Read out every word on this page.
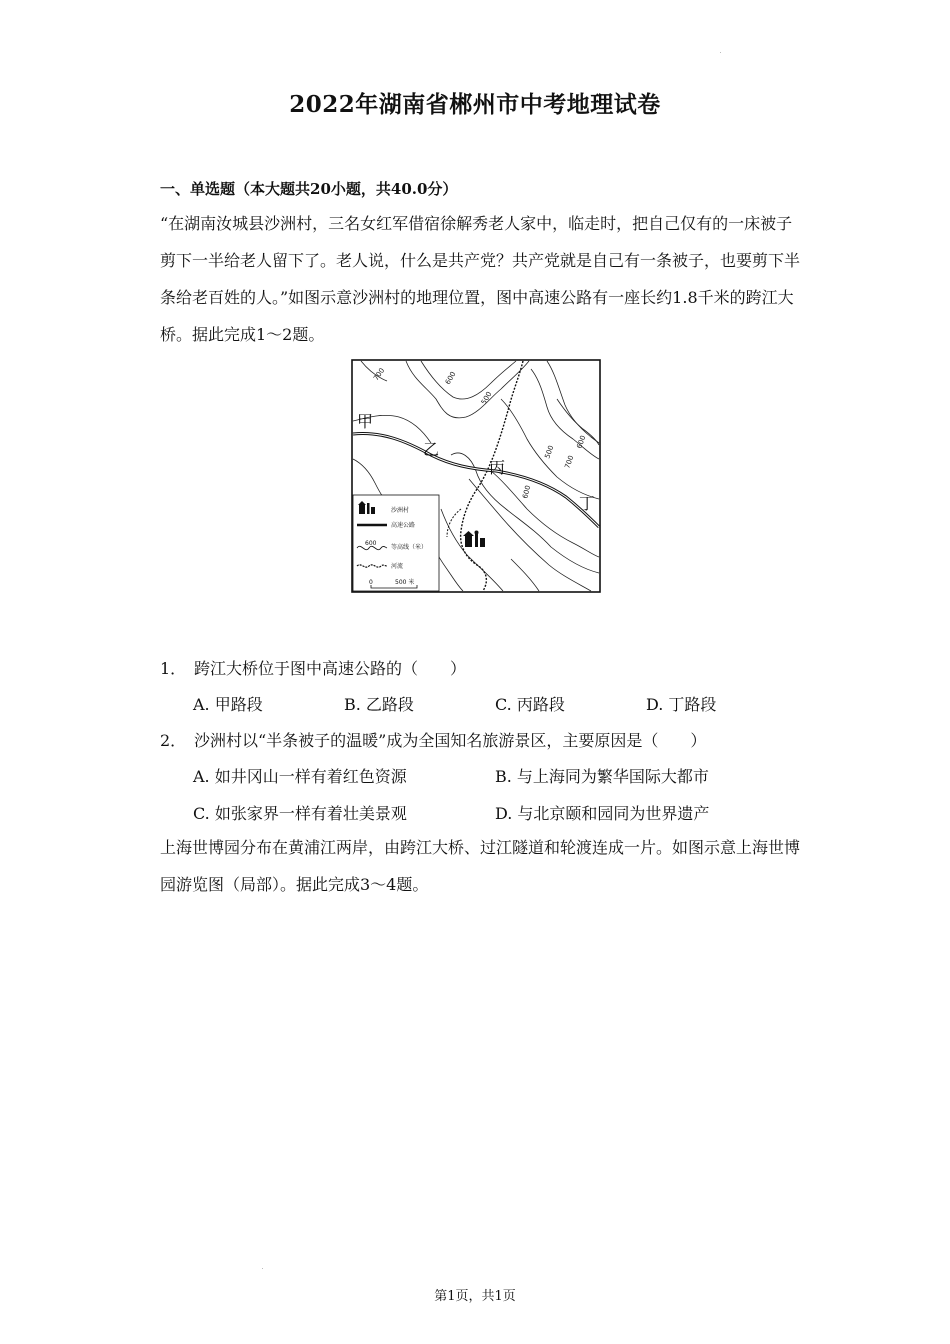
2022年湖南省郴州市中考地理试卷
一、单选题（本大题共20小题，共40.0分）
“在湖南汝城县沙洲村，三名女红军借宿徐解秀老人家中，临走时，把自己仅有的一床被子剪下一半给老人留下了。老人说，什么是共产党？共产党就是自己有一条被子，也要剪下半条给老百姓的人。”如图示意沙洲村的地理位置，图中高速公路有一座长约1.8千米的跨江大桥。据此完成1～2题。
700	600
500
700
600
500
600
甲
乙
丙
丁
沙洲村
高速公路
600
等高线（米）
河流
0	500 米
1． 跨江大桥位于图中高速公路的（　　）
A. 甲路段	B. 乙路段	C. 丙路段	D. 丁路段
2． 沙洲村以“半条被子的温暖”成为全国知名旅游景区，主要原因是（　　）
A. 如井冈山一样有着红色资源	B. 与上海同为繁华国际大都市
C. 如张家界一样有着壮美景观	D. 与北京颐和园同为世界遗产
上海世博园分布在黄浦江两岸，由跨江大桥、过江隧道和轮渡连成一片。如图示意上海世博园游览图（局部）。据此完成3～4题。
第1页，共1页
